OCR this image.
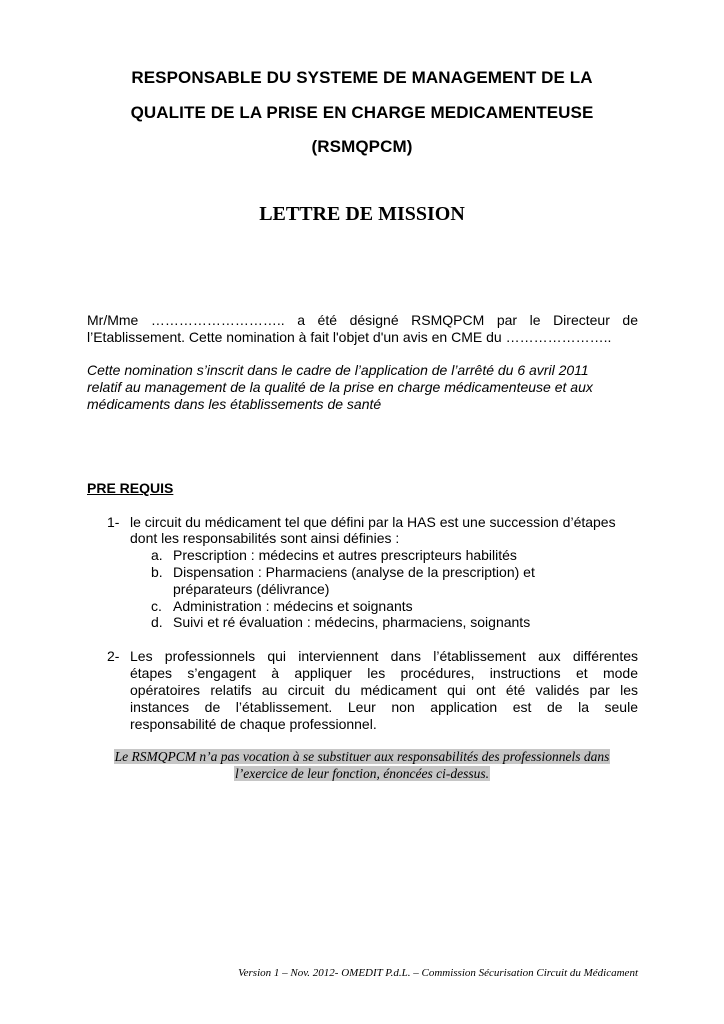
RESPONSABLE DU SYSTEME DE MANAGEMENT DE LA
QUALITE DE LA PRISE EN CHARGE MEDICAMENTEUSE
(RSMQPCM)
LETTRE DE MISSION
Mr/Mme ……………………….. a été désigné RSMQPCM par le Directeur de
l’Etablissement. Cette nomination à fait l'objet d'un avis en CME du …………………..
Cette nomination s’inscrit dans le cadre de l’application de l’arrêté du 6 avril 2011
relatif au management de la qualité de la prise en charge médicamenteuse et aux
médicaments dans les établissements de santé
PRE REQUIS
1- le circuit du médicament tel que défini par la HAS est une succession d’étapes
dont les responsabilités sont ainsi définies :
a. Prescription : médecins et autres prescripteurs habilités
b. Dispensation : Pharmaciens (analyse de la prescription) et
préparateurs (délivrance)
c. Administration : médecins et soignants
d. Suivi et ré évaluation : médecins, pharmaciens, soignants
2- Les professionnels qui interviennent dans l’établissement aux différentes
étapes s’engagent à appliquer les procédures, instructions et mode
opératoires relatifs au circuit du médicament qui ont été validés par les
instances de l’établissement. Leur non application est de la seule
responsabilité de chaque professionnel.
Le RSMQPCM n’a pas vocation à se substituer aux responsabilités des professionnels dans
l’exercice de leur fonction, énoncées ci-dessus.
Version 1 – Nov. 2012- OMEDIT P.d.L. – Commission Sécurisation Circuit du Médicament
